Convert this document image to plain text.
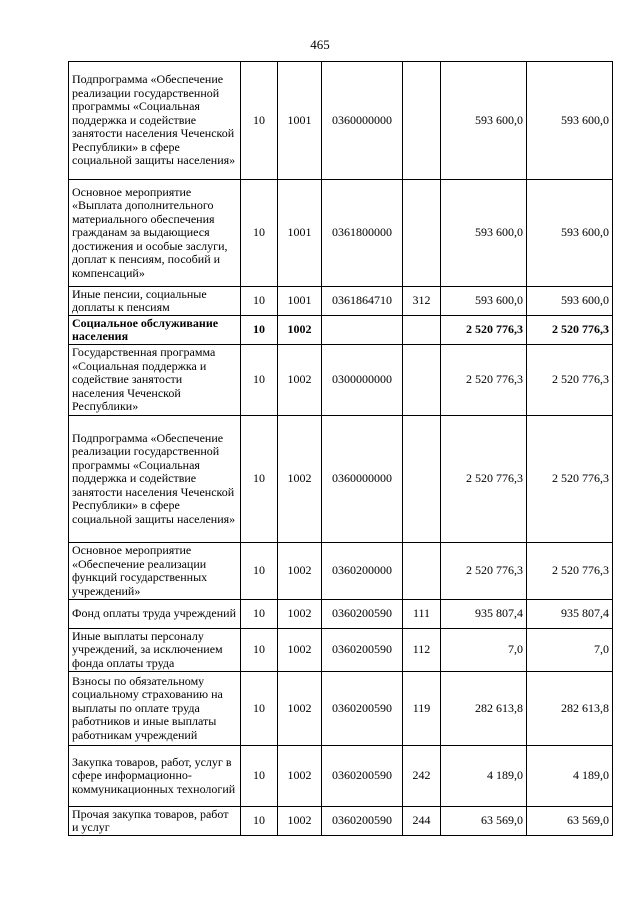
465
Подпрограмма «Обеспечение реализации государственной программы «Социальная поддержка и содействие занятости населения Чеченской Республики» в сфере социальной защиты населения»	10	1001	0360000000		593 600,0	593 600,0
Основное мероприятие «Выплата дополнительного материального обеспечения гражданам за выдающиеся достижения и особые заслуги, доплат к пенсиям, пособий и компенсаций»	10	1001	0361800000		593 600,0	593 600,0
Иные пенсии, социальные доплаты к пенсиям	10	1001	0361864710	312	593 600,0	593 600,0
Социальное обслуживание населения	10	1002			2 520 776,3	2 520 776,3
Государственная программа «Социальная поддержка и содействие занятости населения Чеченской Республики»	10	1002	0300000000		2 520 776,3	2 520 776,3
Подпрограмма «Обеспечение реализации государственной программы «Социальная поддержка и содействие занятости населения Чеченской Республики» в сфере социальной защиты населения»	10	1002	0360000000		2 520 776,3	2 520 776,3
Основное мероприятие «Обеспечение реализации функций государственных учреждений»	10	1002	0360200000		2 520 776,3	2 520 776,3
Фонд оплаты труда учреждений	10	1002	0360200590	111	935 807,4	935 807,4
Иные выплаты персоналу учреждений, за исключением фонда оплаты труда	10	1002	0360200590	112	7,0	7,0
Взносы по обязательному социальному страхованию на выплаты по оплате труда работников и иные выплаты работникам учреждений	10	1002	0360200590	119	282 613,8	282 613,8
Закупка товаров, работ, услуг в сфере информационно-коммуникационных технологий	10	1002	0360200590	242	4 189,0	4 189,0
Прочая закупка товаров, работ и услуг	10	1002	0360200590	244	63 569,0	63 569,0
